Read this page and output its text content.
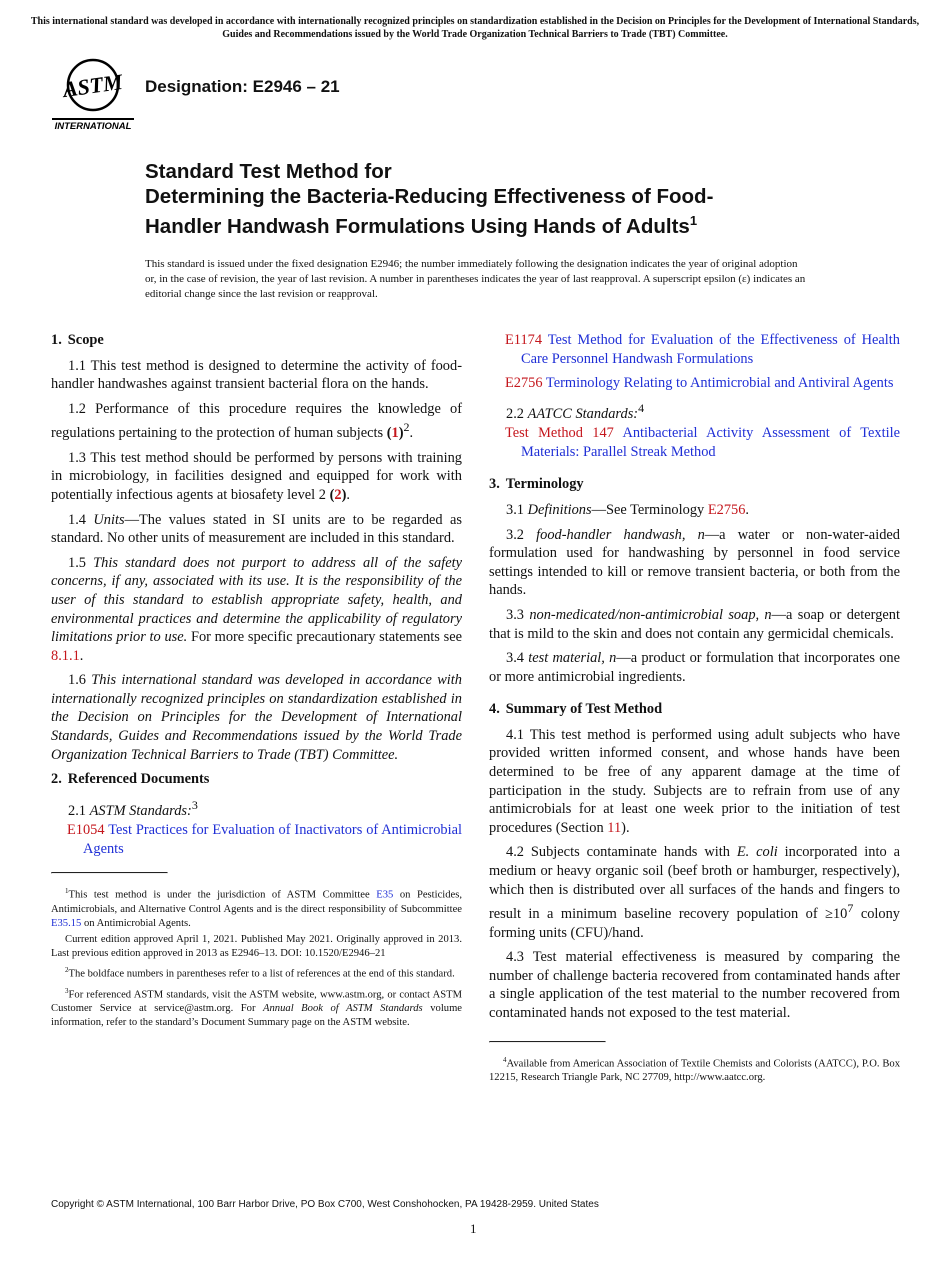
This international standard was developed in accordance with internationally recognized principles on standardization established in the Decision on Principles for the Development of International Standards, Guides and Recommendations issued by the World Trade Organization Technical Barriers to Trade (TBT) Committee.
ASTM
INTERNATIONAL
Designation: E2946 – 21
Standard Test Method for
Determining the Bacteria-Reducing Effectiveness of Food-
Handler Handwash Formulations Using Hands of Adults$^1$
This standard is issued under the fixed designation E2946; the number immediately following the designation indicates the year of original adoption or, in the case of revision, the year of last revision. A number in parentheses indicates the year of last reapproval. A superscript epsilon (ε) indicates an editorial change since the last revision or reapproval.
1. Scope

1.1 This test method is designed to determine the activity of food-handler handwashes against transient bacterial flora on the hands.

1.2 Performance of this procedure requires the knowledge of regulations pertaining to the protection of human subjects $(1)^2$.

1.3 This test method should be performed by persons with training in microbiology, in facilities designed and equipped for work with potentially infectious agents at biosafety level 2 (2).

1.4 Units—The values stated in SI units are to be regarded as standard. No other units of measurement are included in this standard.

1.5 This standard does not purport to address all of the safety concerns, if any, associated with its use. It is the responsibility of the user of this standard to establish appropriate safety, health, and environmental practices and determine the applicability of regulatory limitations prior to use. For more specific precautionary statements see 8.1.1.

1.6 This international standard was developed in accordance with internationally recognized principles on standardization established in the Decision on Principles for the Development of International Standards, Guides and Recommendations issued by the World Trade Organization Technical Barriers to Trade (TBT) Committee.

2. Referenced Documents

2.1 ASTM Standards:$^3$

E1054 Test Practices for Evaluation of Inactivators of Antimicrobial Agents

$^1$This test method is under the jurisdiction of ASTM Committee E35 on Pesticides, Antimicrobials, and Alternative Control Agents and is the direct responsibility of Subcommittee E35.15 on Antimicrobial Agents.

Current edition approved April 1, 2021. Published May 2021. Originally approved in 2013. Last previous edition approved in 2013 as E2946–13. DOI: 10.1520/E2946–21

$^2$The boldface numbers in parentheses refer to a list of references at the end of this standard.

$^3$For referenced ASTM standards, visit the ASTM website, www.astm.org, or contact ASTM Customer Service at service@astm.org. For Annual Book of ASTM Standards volume information, refer to the standard’s Document Summary page on the ASTM website.

E1174 Test Method for Evaluation of the Effectiveness of Health Care Personnel Handwash Formulations

E2756 Terminology Relating to Antimicrobial and Antiviral Agents

2.2 AATCC Standards:$^4$

Test Method 147 Antibacterial Activity Assessment of Textile Materials: Parallel Streak Method

3. Terminology

3.1 Definitions—See Terminology E2756.

3.2 food-handler handwash, n—a water or non-water-aided formulation used for handwashing by personnel in food service settings intended to kill or remove transient bacteria, or both from the hands.

3.3 non-medicated/non-antimicrobial soap, n—a soap or detergent that is mild to the skin and does not contain any germicidal chemicals.

3.4 test material, n—a product or formulation that incorporates one or more antimicrobial ingredients.

4. Summary of Test Method

4.1 This test method is performed using adult subjects who have provided written informed consent, and whose hands have been determined to be free of any apparent damage at the time of participation in the study. Subjects are to refrain from use of any antimicrobials for at least one week prior to the initiation of test procedures (Section 11).

4.2 Subjects contaminate hands with E. coli incorporated into a medium or heavy organic soil (beef broth or hamburger, respectively), which then is distributed over all surfaces of the hands and fingers to result in a minimum baseline recovery population of $\ge 10^7$ colony forming units (CFU)/hand.

4.3 Test material effectiveness is measured by comparing the number of challenge bacteria recovered from contaminated hands after a single application of the test material to the number recovered from contaminated hands not exposed to the test material.

$^4$Available from American Association of Textile Chemists and Colorists (AATCC), P.O. Box 12215, Research Triangle Park, NC 27709, http://www.aatcc.org.

Copyright © ASTM International, 100 Barr Harbor Drive, PO Box C700, West Conshohocken, PA 19428-2959. United States
1
